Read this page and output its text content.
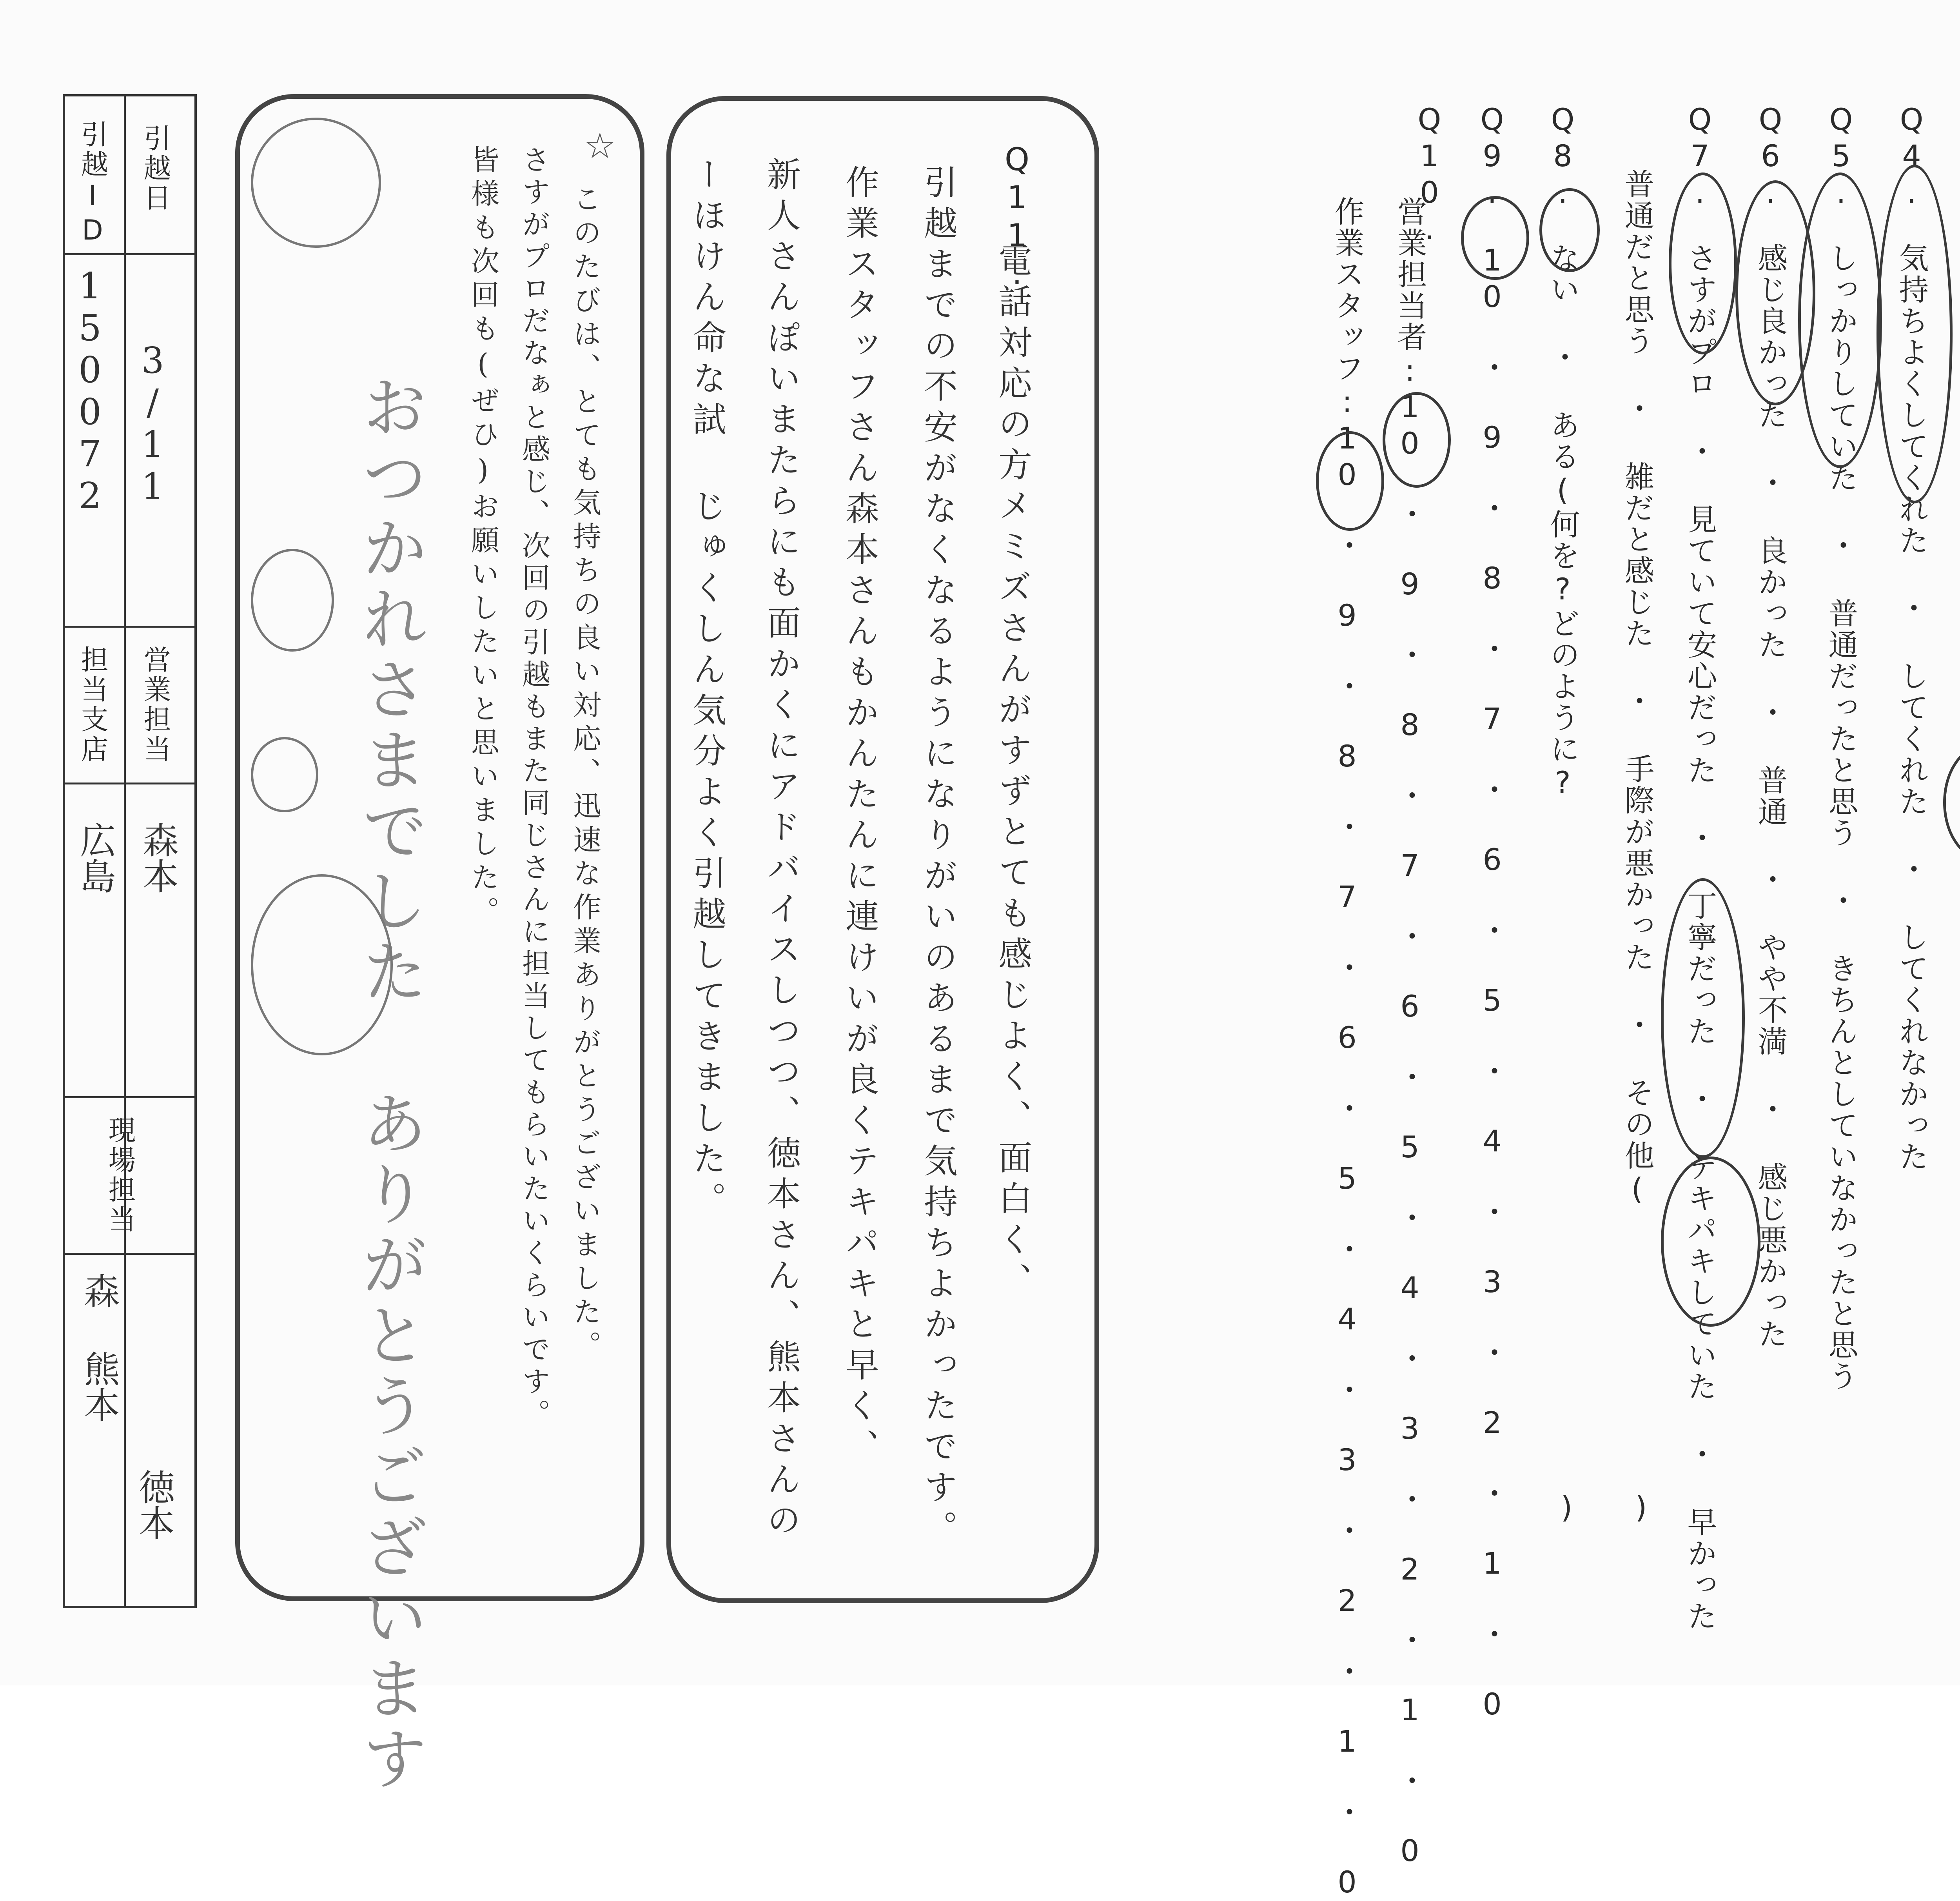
Q4.　気持ちよくしてくれた ・ してくれた ・ してくれなかった
Q5.　しっかりしていた ・ 普通だったと思う ・ きちんとしていなかったと思う
Q6.　感じ良かった ・ 良かった ・ 普通 ・ やや不満 ・ 感じ悪かった
Q7.　さすがプロ ・ 見ていて安心だった ・ 丁寧だった ・ テキパキしていた ・ 早かった
普通だと思う ・ 雑だと感じた ・ 手際が悪かった ・ その他(
Q8.　ない ・ ある(何を?どのように?
Q9.　10 ・ 9 ・ 8 ・ 7 ・ 6 ・ 5 ・ 4 ・ 3 ・ 2 ・ 1 ・ 0
Q10.
営業担当者:10 ・ 9 ・ 8 ・ 7 ・ 6 ・ 5 ・ 4 ・ 3 ・ 2 ・ 1 ・ 0
作業スタッフ:10 ・ 9 ・ 8 ・ 7 ・ 6 ・ 5 ・ 4 ・ 3 ・ 2 ・ 1 ・ 0	)
)
Q11.
電話対応の方メミズさんがすずとても感じよく、面白く、
引越までの不安がなくなるようになりがいのあるまで気持ちよかったです。
作業スタッフさん森本さんもかんたんに連けいが良くテキパキと早く、
新人さんぽいまたらにも面かくにアドバイスしつつ、徳本さん、熊本さんの
ーほけん命な試 じゅくしん気分よく引越してきました。
☆
このたびは、とても気持ちの良い対応、迅速な作業ありがとうございました。
さすがプロだなぁと感じ、次回の引越もまた同じさんに担当してもらいたいくらいです。
皆様も次回も(ぜひ)お願いしたいと思いました。
おつかれさまでした ありがとうございます
引越日
引越ID
3/11
150072
営業担当
担当支店
森本
広島
現場担当
森 熊本
徳本
